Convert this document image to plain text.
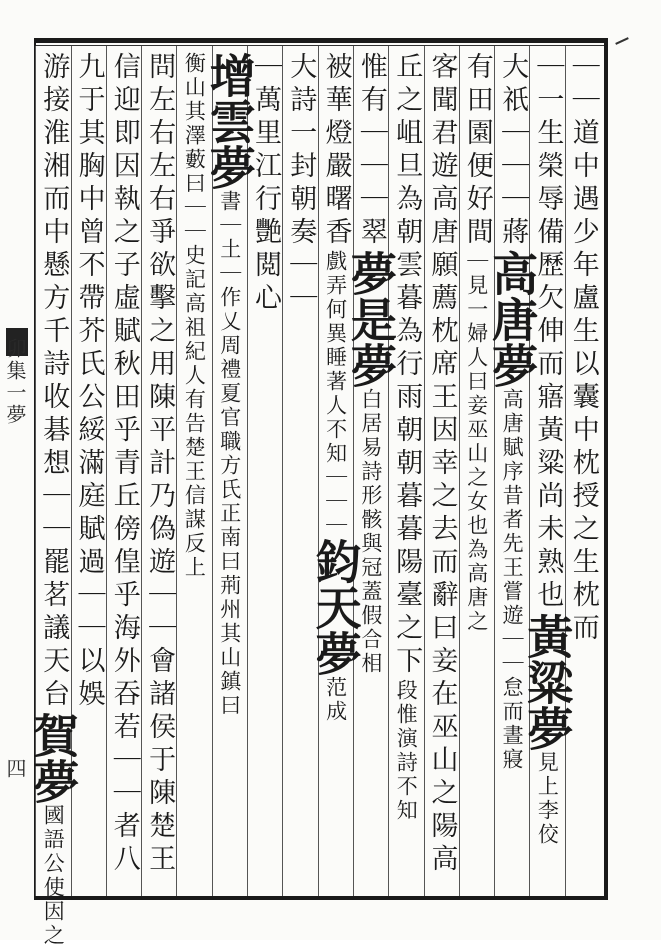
卯集一夢
四
｜｜道中遇少年盧生以囊中枕授之生枕而
｜一生榮辱備歷欠伸而寤黃粱尚未熟也黃粱夢見上李佼
大祇｜｜｜蔣高唐夢高唐賦序昔者先王嘗遊｜｜怠而晝寢
有田園便好間｜見一婦人曰妾巫山之女也為高唐之
客聞君遊高唐願薦枕席王因幸之去而辭曰妾在巫山之陽高
丘之岨旦為朝雲暮為行雨朝朝暮暮陽臺之下段惟演詩不知
惟有｜｜｜翠夢是夢白居易詩形骸與冠蓋假合相
被華燈嚴曙香戲弄何異睡著人不知｜｜｜鈞天夢范成
大詩一封朝奏｜｜
｜萬里江行艷閲心
增雲夢書｜土｜作乂周禮夏官職方氏正南曰荊州其山鎮曰
衡山其澤藪曰｜｜史記高祖紀人有告楚王信謀反上
問左右左右爭欲擊之用陳平計乃偽遊｜｜會諸侯于陳楚王
信迎即因執之子虛賦秋田乎青丘傍偟乎海外吞若｜｜者八
九于其胸中曾不帶芥氏公綏滿庭賦過｜｜以娛
游接淮湘而中懸方千詩收碁想｜｜罷茗議天台賀夢國語公使因之
